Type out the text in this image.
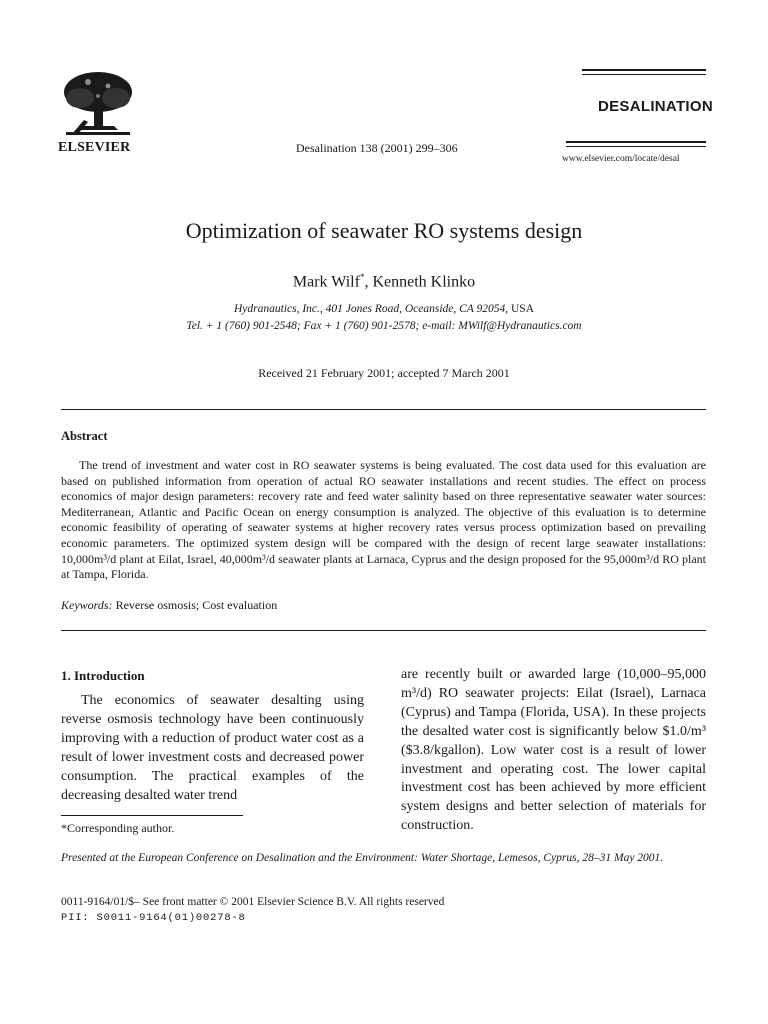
ELSEVIER	Desalination 138 (2001) 299–306
DESALINATION
www.elsevier.com/locate/desal
Optimization of seawater RO systems design
Mark Wilf*, Kenneth Klinko
Hydranautics, Inc., 401 Jones Road, Oceanside, CA 92054, USA
Tel. + 1 (760) 901-2548; Fax + 1 (760) 901-2578; e-mail: MWilf@Hydranautics.com
Received 21 February 2001; accepted 7 March 2001
Abstract
The trend of investment and water cost in RO seawater systems is being evaluated. The cost data used for this evaluation are based on published information from operation of actual RO seawater installations and recent studies. The effect on process economics of major design parameters: recovery rate and feed water salinity based on three representative seawater water sources: Mediterranean, Atlantic and Pacific Ocean on energy consumption is analyzed. The objective of this evaluation is to determine economic feasibility of operating of seawater systems at higher recovery rates versus process optimization based on prevailing economic parameters. The optimized system design will be compared with the design of recent large seawater installations: 10,000m³/d plant at Eilat, Israel, 40,000m³/d seawater plants at Larnaca, Cyprus and the design proposed for the 95,000m³/d RO plant at Tampa, Florida.
Keywords: Reverse osmosis; Cost evaluation
1. Introduction
The economics of seawater desalting using reverse osmosis technology have been continuously improving with a reduction of product water cost as a result of lower investment costs and decreased power consumption. The practical examples of the decreasing desalted water trend
are recently built or awarded large (10,000–95,000 m³/d) RO seawater projects: Eilat (Israel), Larnaca (Cyprus) and Tampa (Florida, USA). In these projects the desalted water cost is significantly below $1.0/m³ ($3.8/kgallon). Low water cost is a result of lower investment and operating cost. The lower capital investment cost has been achieved by more efficient system designs and better selection of materials for construction.
*Corresponding author.
Presented at the European Conference on Desalination and the Environment: Water Shortage, Lemesos, Cyprus, 28–31 May 2001.
0011-9164/01/$– See front matter © 2001 Elsevier Science B.V. All rights reserved
PII: S0011-9164(01)00278-8
